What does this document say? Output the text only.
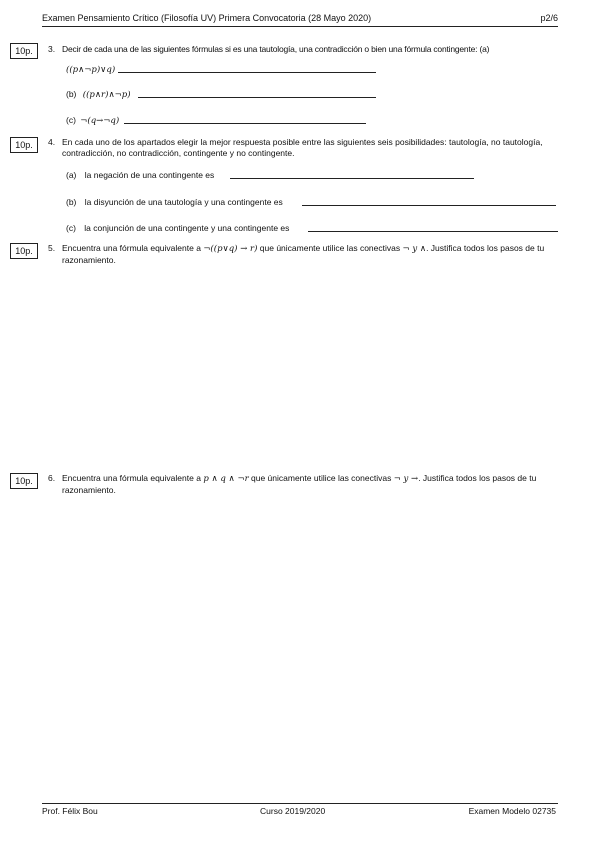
Examen Pensamiento Crítico (Filosofía UV) Primera Convocatoria (28 Mayo 2020)	p2/6
10p.	3. Decir de cada una de las siguientes fórmulas si es una tautología, una contradicción o bien una fórmula contingente: (a)
((p∧¬p)∨q)
(b) ((p∧r)∧¬p)
(c) ¬(q→¬q)
10p.	4. En cada uno de los apartados elegir la mejor respuesta posible entre las siguientes seis posibilidades: tautología, no tautología, contradicción, no contradicción, contingente y no contingente.
(a) la negación de una contingente es
(b) la disyunción de una tautología y una contingente es
(c) la conjunción de una contingente y una contingente es
10p.	5. Encuentra una fórmula equivalente a ¬((p∨q) → r) que únicamente utilice las conectivas ¬ y ∧. Justifica todos los pasos de tu razonamiento.
10p.	6. Encuentra una fórmula equivalente a p ∧ q ∧ ¬r que únicamente utilice las conectivas ¬ y →. Justifica todos los pasos de tu razonamiento.
Prof. Félix Bou	Curso 2019/2020	Examen Modelo 02735
